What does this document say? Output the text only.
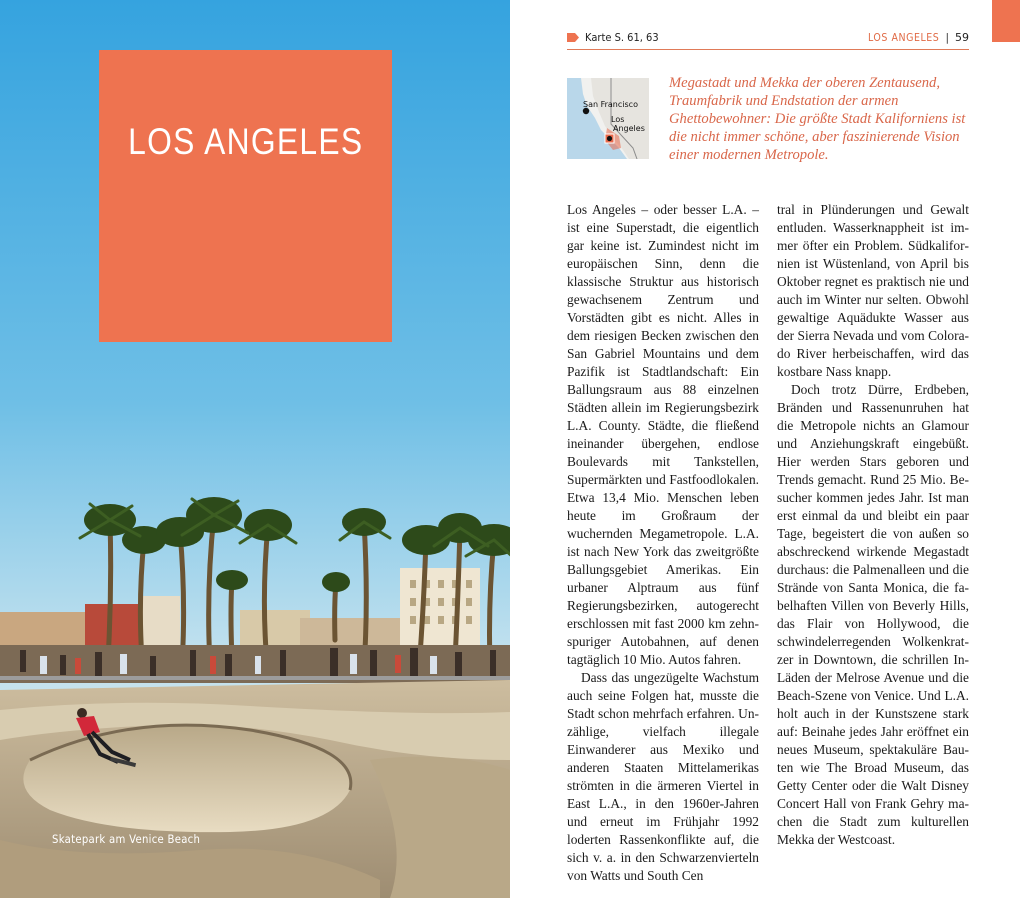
LOS ANGELES
Skatepark am Venice Beach
Karte S. 61, 63	LOS ANGELES | 59
San Francisco
Los
Angeles
Megastadt und Mekka der oberen Zentausend, Traumfabrik und Endstation der armen Ghettobewohner: Die größte Stadt Kaliforniens ist die nicht immer schöne, aber faszinierende Vision einer modernen Metropole.

Los Angeles – oder besser L.A. – ist eine Superstadt, die eigentlich gar keine ist. Zumindest nicht im europäischen Sinn, denn die klassische Struktur aus historisch gewachsenem Zentrum und Vorstädten gibt es nicht. Alles in dem riesigen Becken zwischen den San Gabriel Mountains und dem Pazifik ist Stadtlandschaft: Ein Ballungsraum aus 88 einzelnen Städten allein im Regierungsbezirk L.A. County. Städte, die fließend ineinander übergehen, endlose Boulevards mit Tankstellen, Supermärkten und Fastfoodlokalen. Etwa 13,4 Mio. Menschen leben heute im Großraum der wuchernden Megametropole. L.A. ist nach New York das zweitgrößte Ballungsgebiet Amerikas. Ein urbaner Alptraum aus fünf Regierungsbezirken, autogerecht erschlossen mit fast 2000 km zehnspuriger Autobahnen, auf denen tagtäglich 10 Mio. Autos fahren.

Dass das ungezügelte Wachstum auch seine Folgen hat, musste die Stadt schon mehrfach erfahren. Unzählige, vielfach illegale Einwanderer aus Mexiko und anderen Staaten Mittelamerikas strömten in die ärmeren Viertel in East L.A., in den 1960er-Jahren und erneut im Frühjahr 1992 loderten Rassenkonflikte auf, die sich v. a. in den Schwarzenvierteln von Watts und South Cen

tral in Plünderungen und Gewalt entluden. Wasserknappheit ist immer öfter ein Problem. Südkalifornien ist Wüstenland, von April bis Oktober regnet es praktisch nie und auch im Winter nur selten. Obwohl gewaltige Aquädukte Wasser aus der Sierra Nevada und vom Colorado River herbeischaffen, wird das kostbare Nass knapp.

Doch trotz Dürre, Erdbeben, Bränden und Rassenunruhen hat die Metropole nichts an Glamour und Anziehungskraft eingebüßt. Hier werden Stars geboren und Trends gemacht. Rund 25 Mio. Besucher kommen jedes Jahr. Ist man erst einmal da und bleibt ein paar Tage, begeistert die von außen so abschreckend wirkende Megastadt durchaus: die Palmenalleen und die Strände von Santa Monica, die fabelhaften Villen von Beverly Hills, das Flair von Hollywood, die schwindelerregenden Wolkenkratzer in Downtown, die schrillen InLäden der Melrose Avenue und die Beach-Szene von Venice. Und L.A. holt auch in der Kunstszene stark auf: Beinahe jedes Jahr eröffnet ein neues Museum, spektakuläre Bauten wie The Broad Museum, das Getty Center oder die Walt Disney Concert Hall von Frank Gehry machen die Stadt zum kulturellen Mekka der Westcoast.
